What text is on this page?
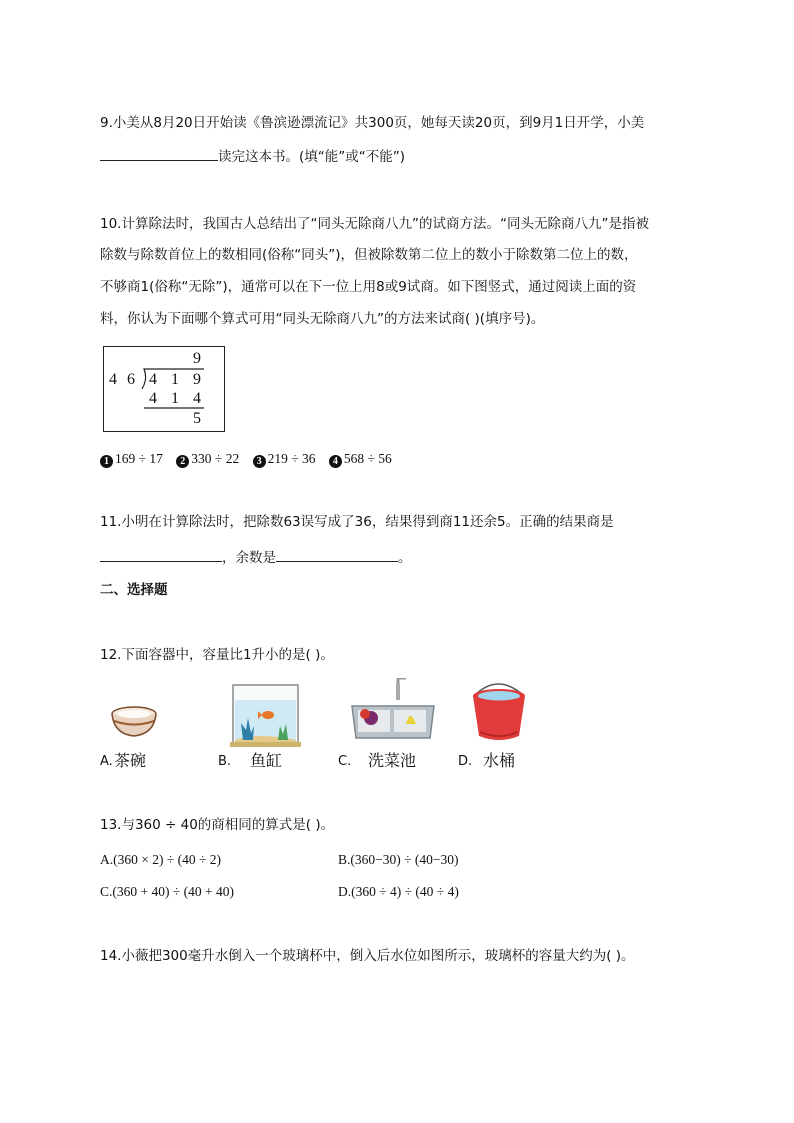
9.小美从8月20日开始读《鲁滨逊漂流记》共300页，她每天读20页，到9月1日开学，小美
读完这本书。(填“能”或“不能”)
10.计算除法时，我国古人总结出了“同头无除商八九”的试商方法。“同头无除商八九”是指被
除数与除数首位上的数相同(俗称“同头”)，但被除数第二位上的数小于除数第二位上的数，
不够商1(俗称“无除”)，通常可以在下一位上用8或9试商。如下图竖式，通过阅读上面的资
料，你认为下面哪个算式可用“同头无除商八九”的方法来试商( )(填序号)。
9
4 6 4 1 9
4 1 4
5
1 169 ÷ 17 2 330 ÷ 22 3 219 ÷ 36 4 568 ÷ 56
11.小明在计算除法时，把除数63误写成了36，结果得到商11还余5。正确的结果商是
，余数是	。
二、选择题
12.下面容器中，容量比1升小的是( )。
A. 茶碗	B. 鱼缸	C. 洗菜池	D. 水桶
13.与360 ÷ 40的商相同的算式是( )。
A.(360 × 2) ÷ (40 ÷ 2)	B.(360−30) ÷ (40−30)
C.(360 + 40) ÷ (40 + 40)	D.(360 ÷ 4) ÷ (40 ÷ 4)
14.小薇把300毫升水倒入一个玻璃杯中，倒入后水位如图所示，玻璃杯的容量大约为( )。
